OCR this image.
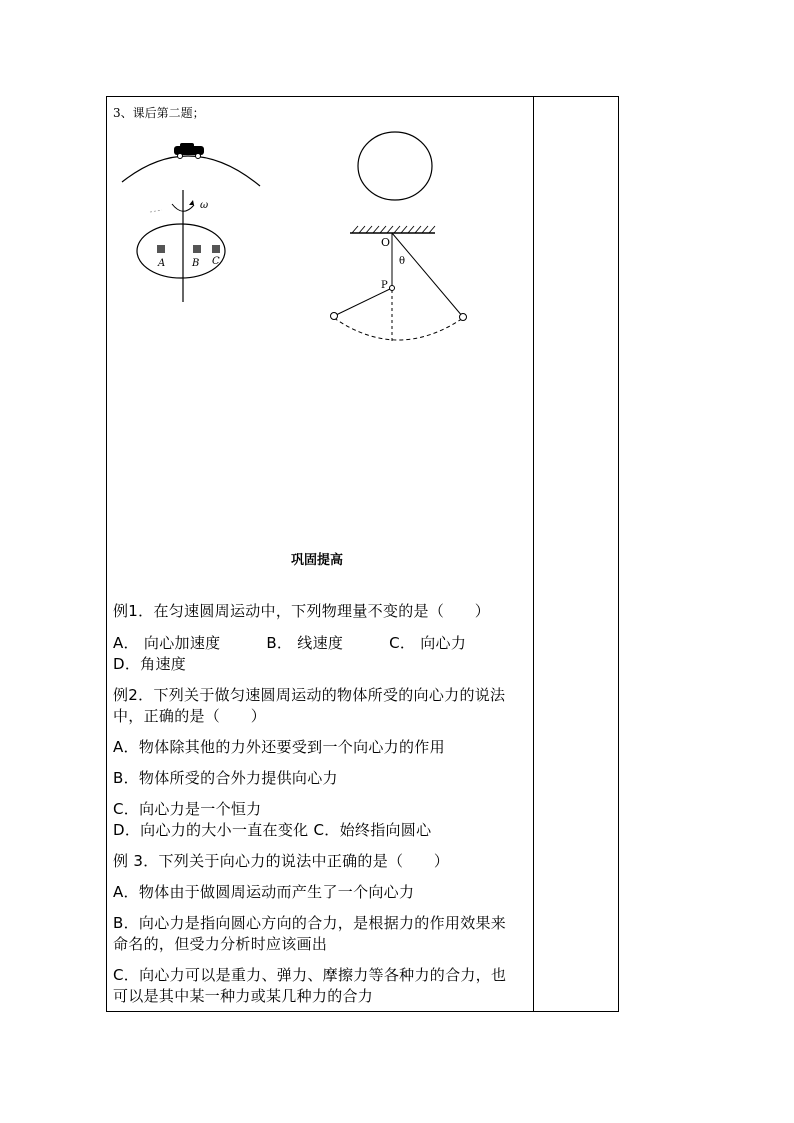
3、课后第二题；
ω
A	B C
O
θ
P
巩固提高
例1．在匀速圆周运动中，下列物理量不变的是（　　）
A． 向心加速度　　　B． 线速度　　　C． 向心力
D．角速度
例2．下列关于做匀速圆周运动的物体所受的向心力的说法
中，正确的是（　　）
A．物体除其他的力外还要受到一个向心力的作用
B．物体所受的合外力提供向心力
C．向心力是一个恒力
D．向心力的大小一直在变化 C．始终指向圆心
例 3．下列关于向心力的说法中正确的是（　　）
A．物体由于做圆周运动而产生了一个向心力
B．向心力是指向圆心方向的合力，是根据力的作用效果来
命名的，但受力分析时应该画出
C．向心力可以是重力、弹力、摩擦力等各种力的合力，也
可以是其中某一种力或某几种力的合力
